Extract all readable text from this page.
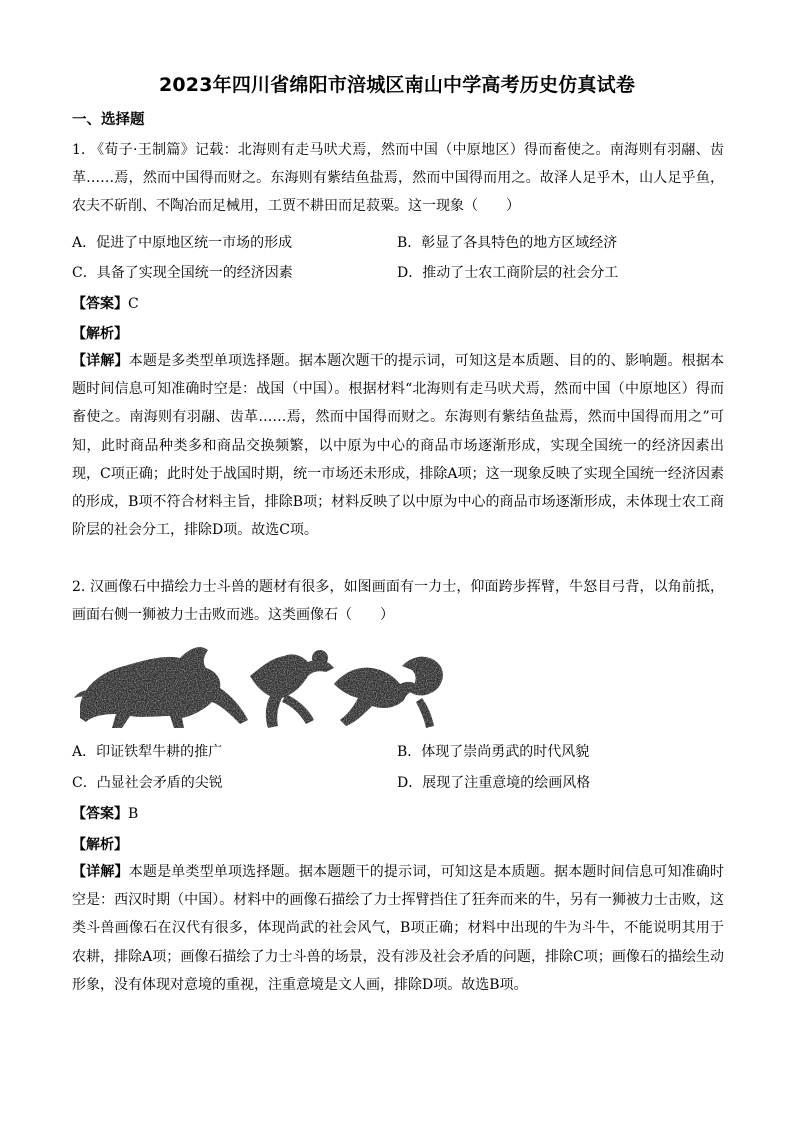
2023年四川省绵阳市涪城区南山中学高考历史仿真试卷
一、选择题
1. 《荀子·王制篇》记载：北海则有走马吠犬焉，然而中国（中原地区）得而畜使之。南海则有羽翮、齿革……焉，然而中国得而财之。东海则有紫结鱼盐焉，然而中国得而用之。故泽人足乎木，山人足乎鱼，农夫不斫削、不陶冶而足械用，工贾不耕田而足菽粟。这一现象（　　）
A．促进了中原地区统一市场的形成	B．彰显了各具特色的地方区域经济
C．具备了实现全国统一的经济因素	D．推动了士农工商阶层的社会分工
【答案】C
【解析】
【详解】本题是多类型单项选择题。据本题次题干的提示词，可知这是本质题、目的的、影响题。根据本题时间信息可知准确时空是：战国（中国）。根据材料“北海则有走马吠犬焉，然而中国（中原地区）得而畜使之。南海则有羽翮、齿革……焉，然而中国得而财之。东海则有紫结鱼盐焉，然而中国得而用之”可知，此时商品种类多和商品交换频繁，以中原为中心的商品市场逐渐形成，实现全国统一的经济因素出现，C项正确；此时处于战国时期，统一市场还未形成，排除A项；这一现象反映了实现全国统一经济因素的形成，B项不符合材料主旨，排除B项；材料反映了以中原为中心的商品市场逐渐形成，未体现士农工商阶层的社会分工，排除D项。故选C项。
2. 汉画像石中描绘力士斗兽的题材有很多，如图画面有一力士，仰面跨步挥臂，牛怒目弓背，以角前抵，画面右侧一狮被力士击败而逃。这类画像石（　　）
A．印证铁犁牛耕的推广	B．体现了崇尚勇武的时代风貌
C．凸显社会矛盾的尖锐	D．展现了注重意境的绘画风格
【答案】B
【解析】
【详解】本题是单类型单项选择题。据本题题干的提示词，可知这是本质题。据本题时间信息可知准确时空是：西汉时期（中国）。材料中的画像石描绘了力士挥臂挡住了狂奔而来的牛，另有一狮被力士击败，这类斗兽画像石在汉代有很多，体现尚武的社会风气，B项正确；材料中出现的牛为斗牛，不能说明其用于农耕，排除A项；画像石描绘了力士斗兽的场景，没有涉及社会矛盾的问题，排除C项；画像石的描绘生动形象，没有体现对意境的重视，注重意境是文人画，排除D项。故选B项。
